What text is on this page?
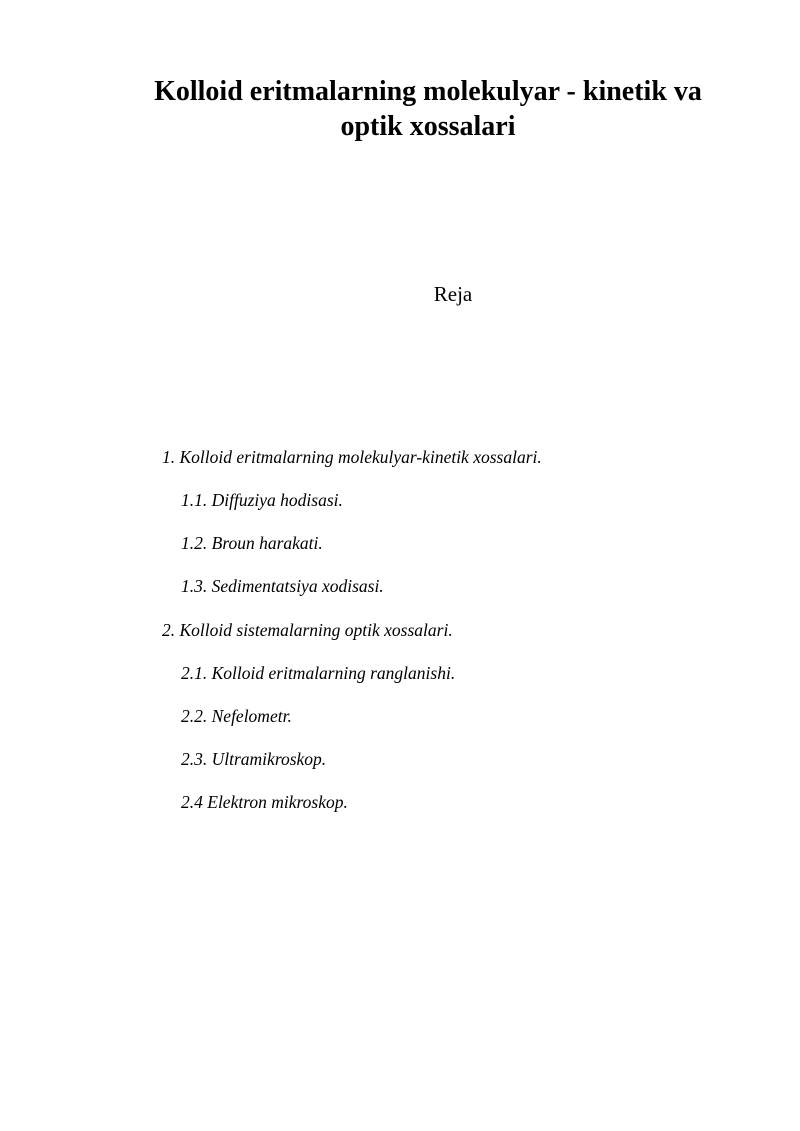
Kolloid eritmalarning molekulyar - kinetik va
optik xossalari
Reja
1. Kolloid eritmalarning molekulyar-kinetik xossalari.
1.1. Diffuziya hodisasi.
1.2. Broun harakati.
1.3. Sedimentatsiya xodisasi.
2. Kolloid sistemalarning optik xossalari.
2.1. Kolloid eritmalarning ranglanishi.
2.2. Nefelometr.
2.3. Ultramikroskop.
2.4 Elektron mikroskop.
